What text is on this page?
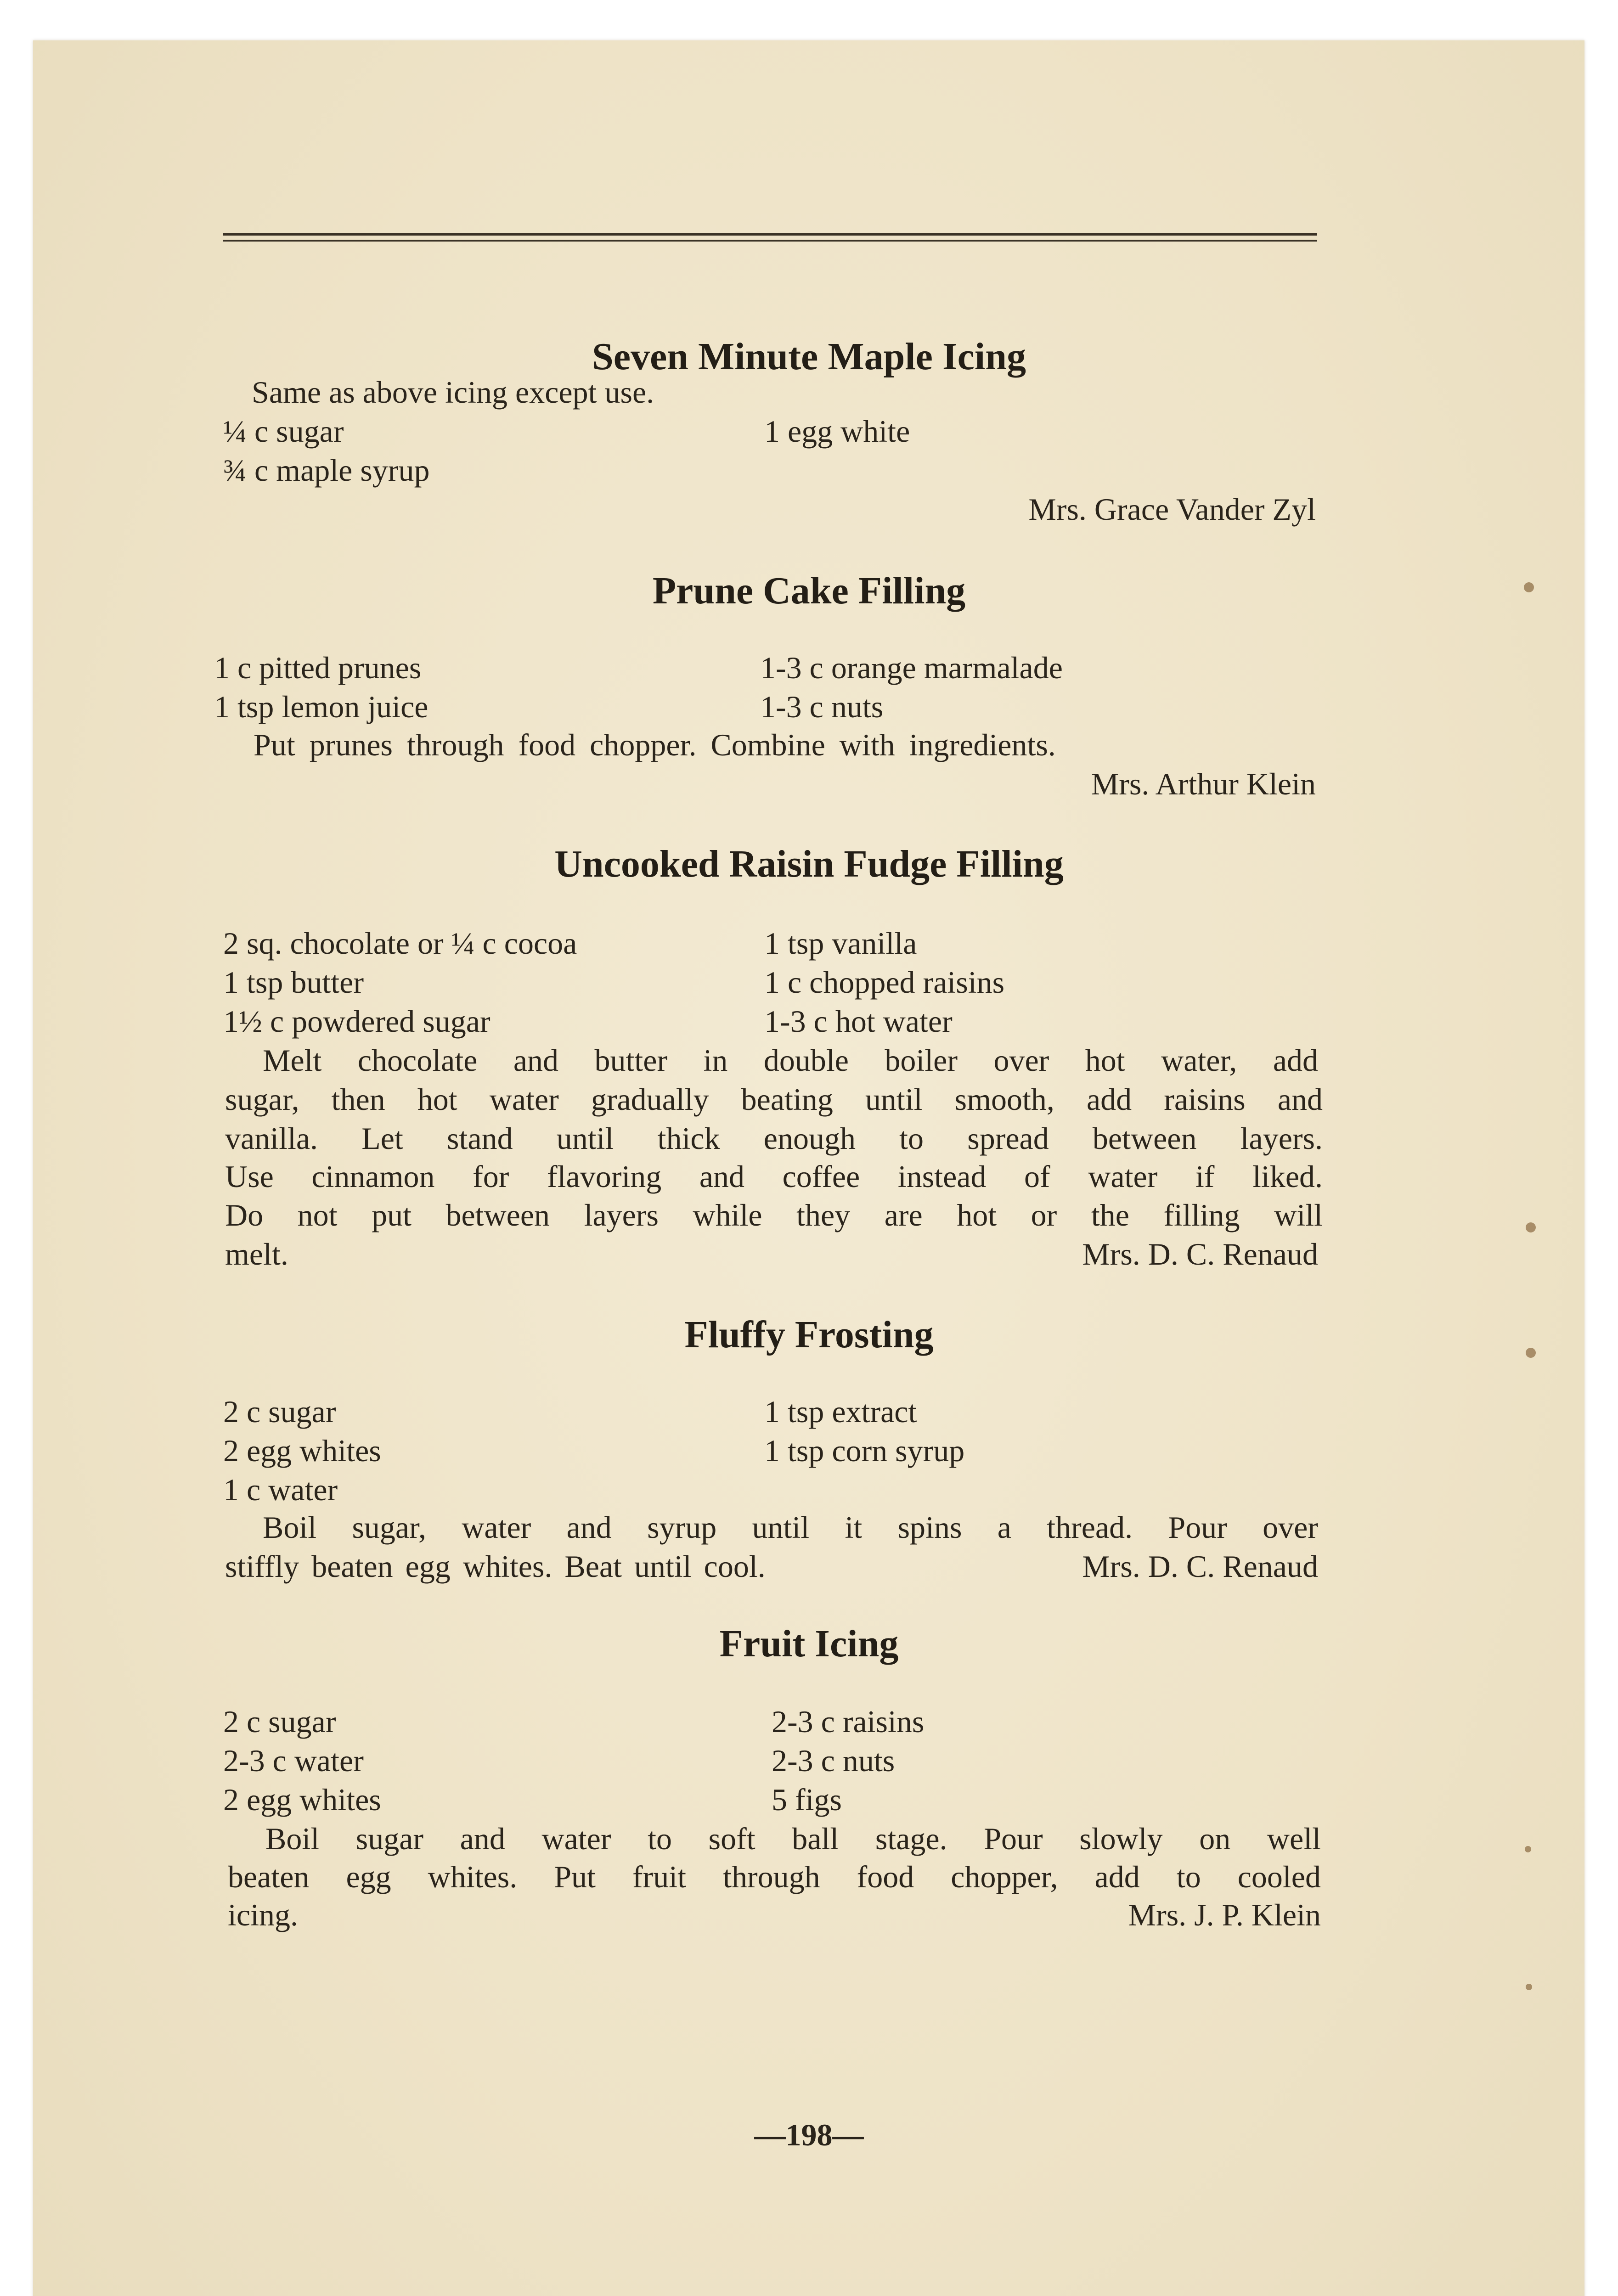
Seven Minute Maple Icing
Same as above icing except use.
¼ c sugar	1 egg white
¾ c maple syrup
Mrs. Grace Vander Zyl
Prune Cake Filling
1 c pitted prunes	1-3 c orange marmalade
1 tsp lemon juice	1-3 c nuts
Put prunes through food chopper. Combine with ingredients.
Mrs. Arthur Klein
Uncooked Raisin Fudge Filling
2 sq. chocolate or ¼ c cocoa	1 tsp vanilla
1 tsp butter	1 c chopped raisins
1½ c powdered sugar	1-3 c hot water
Melt chocolate and butter in double boiler over hot water, add
sugar, then hot water gradually beating until smooth, add raisins and
vanilla. Let stand until thick enough to spread between layers.
Use cinnamon for flavoring and coffee instead of water if liked.
Do not put between layers while they are hot or the filling will
melt.	Mrs. D. C. Renaud
Fluffy Frosting
2 c sugar	1 tsp extract
2 egg whites	1 tsp corn syrup
1 c water
Boil sugar, water and syrup until it spins a thread. Pour over
stiffly beaten egg whites. Beat until cool.	Mrs. D. C. Renaud
Fruit Icing
2 c sugar	2-3 c raisins
2-3 c water	2-3 c nuts
2 egg whites	5 figs
Boil sugar and water to soft ball stage. Pour slowly on well
beaten egg whites. Put fruit through food chopper, add to cooled
icing.	Mrs. J. P. Klein
—198—
